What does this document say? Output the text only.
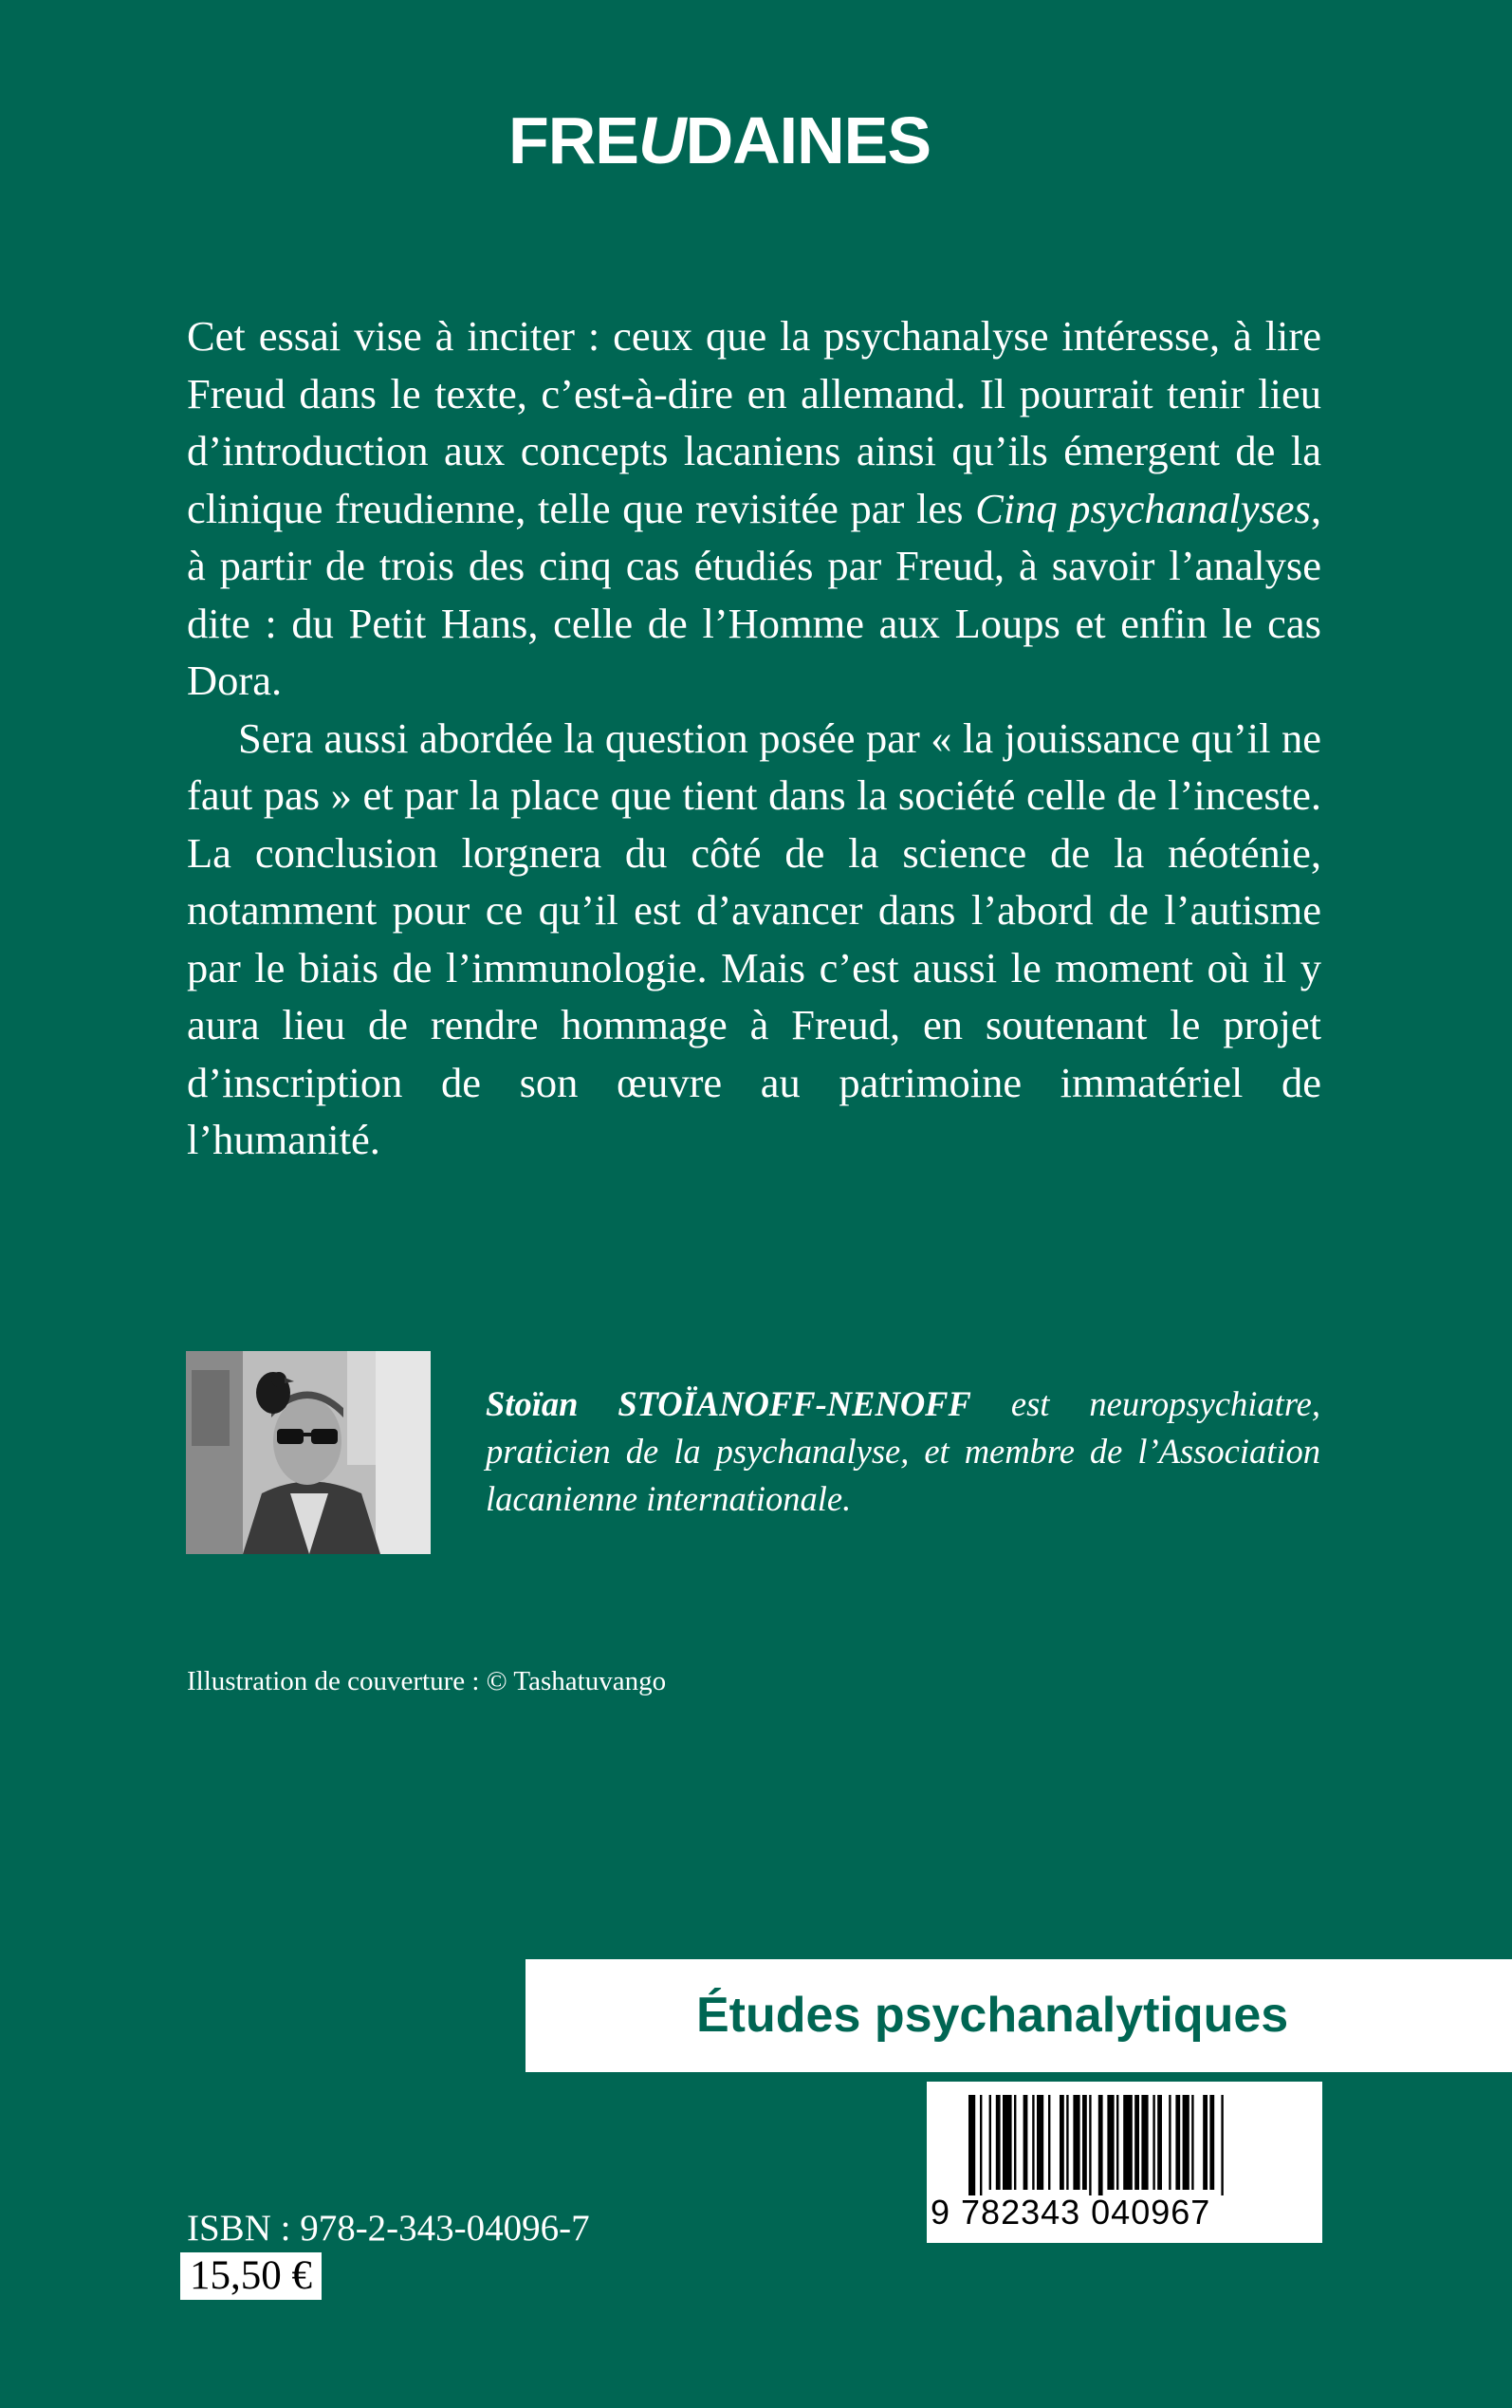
FREUDAINES

Cet essai vise à inciter : ceux que la psychanalyse intéresse, à lire Freud dans le texte, c’est-à-dire en allemand. Il pourrait tenir lieu d’introduction aux concepts lacaniens ainsi qu’ils émergent de la clinique freudienne, telle que revisitée par les Cinq psychanalyses, à partir de trois des cinq cas étudiés par Freud, à savoir l’analyse dite : du Petit Hans, celle de l’Homme aux Loups et enfin le cas Dora.

Sera aussi abordée la question posée par « la jouissance qu’il ne faut pas » et par la place que tient dans la société celle de l’inceste. La conclusion lorgnera du côté de la science de la néoténie, notamment pour ce qu’il est d’avancer dans l’abord de l’autisme par le biais de l’immunologie. Mais c’est aussi le moment où il y aura lieu de rendre hommage à Freud, en soutenant le projet d’inscription de son œuvre au patrimoine immatériel de l’humanité.

Stoïan STOÏANOFF-NENOFF est neuropsychiatre, praticien de la psychanalyse, et membre de l’Association lacanienne internationale.
Illustration de couverture : © Tashatuvango
Études psychanalytiques
9 782343 040967
ISBN : 978-2-343-04096-7
15,50 €
